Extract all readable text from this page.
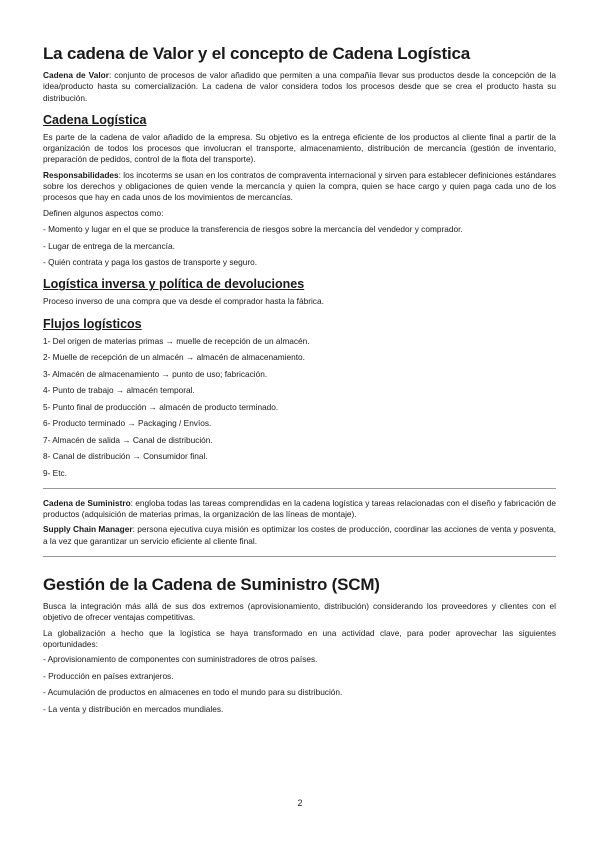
La cadena de Valor y el concepto de Cadena Logística

Cadena de Valor: conjunto de procesos de valor añadido que permiten a una compañía llevar sus productos desde la concepción de la idea/producto hasta su comercialización. La cadena de valor considera todos los procesos desde que se crea el producto hasta su distribución.

Cadena Logística

Es parte de la cadena de valor añadido de la empresa. Su objetivo es la entrega eficiente de los productos al cliente final a partir de la organización de todos los procesos que involucran el transporte, almacenamiento, distribución de mercancía (gestión de inventario, preparación de pedidos, control de la flota del transporte).

Responsabilidades: los incoterms se usan en los contratos de compraventa internacional y sirven para establecer definiciones estándares sobre los derechos y obligaciones de quien vende la mercancía y quien la compra, quien se hace cargo y quien paga cada uno de los procesos que hay en cada unos de los movimientos de mercancías.

Definen algunos aspectos como:

- Momento y lugar en el que se produce la transferencia de riesgos sobre la mercancía del vendedor y comprador.

- Lugar de entrega de la mercancía.

- Quién contrata y paga los gastos de transporte y seguro.

Logística inversa y política de devoluciones

Proceso inverso de una compra que va desde el comprador hasta la fábrica.

Flujos logísticos

1- Del origen de materias primas → muelle de recepción de un almacén.

2- Muelle de recepción de un almacén → almacén de almacenamiento.

3- Almacén de almacenamiento → punto de uso; fabricación.

4- Punto de trabajo → almacén temporal.

5- Punto final de producción → almacén de producto terminado.

6- Producto terminado → Packaging / Envíos.

7- Almacén de salida → Canal de distribución.

8- Canal de distribución → Consumidor final.

9- Etc.

Cadena de Suministro: engloba todas las tareas comprendidas en la cadena logística y tareas relacionadas con el diseño y fabricación de productos (adquisición de materias primas, la organización de las líneas de montaje).

Supply Chain Manager: persona ejecutiva cuya misión es optimizar los costes de producción, coordinar las acciones de venta y posventa, a la vez que garantizar un servicio eficiente al cliente final.

Gestión de la Cadena de Suministro (SCM)

Busca la integración más allá de sus dos extremos (aprovisionamiento, distribución) considerando los proveedores y clientes con el objetivo de ofrecer ventajas competitivas.

La globalización a hecho que la logística se haya transformado en una actividad clave, para poder aprovechar las siguientes oportunidades:

- Aprovisionamiento de componentes con suministradores de otros países.

- Producción en países extranjeros.

- Acumulación de productos en almacenes en todo el mundo para su distribución.

- La venta y distribución en mercados mundiales.

2
